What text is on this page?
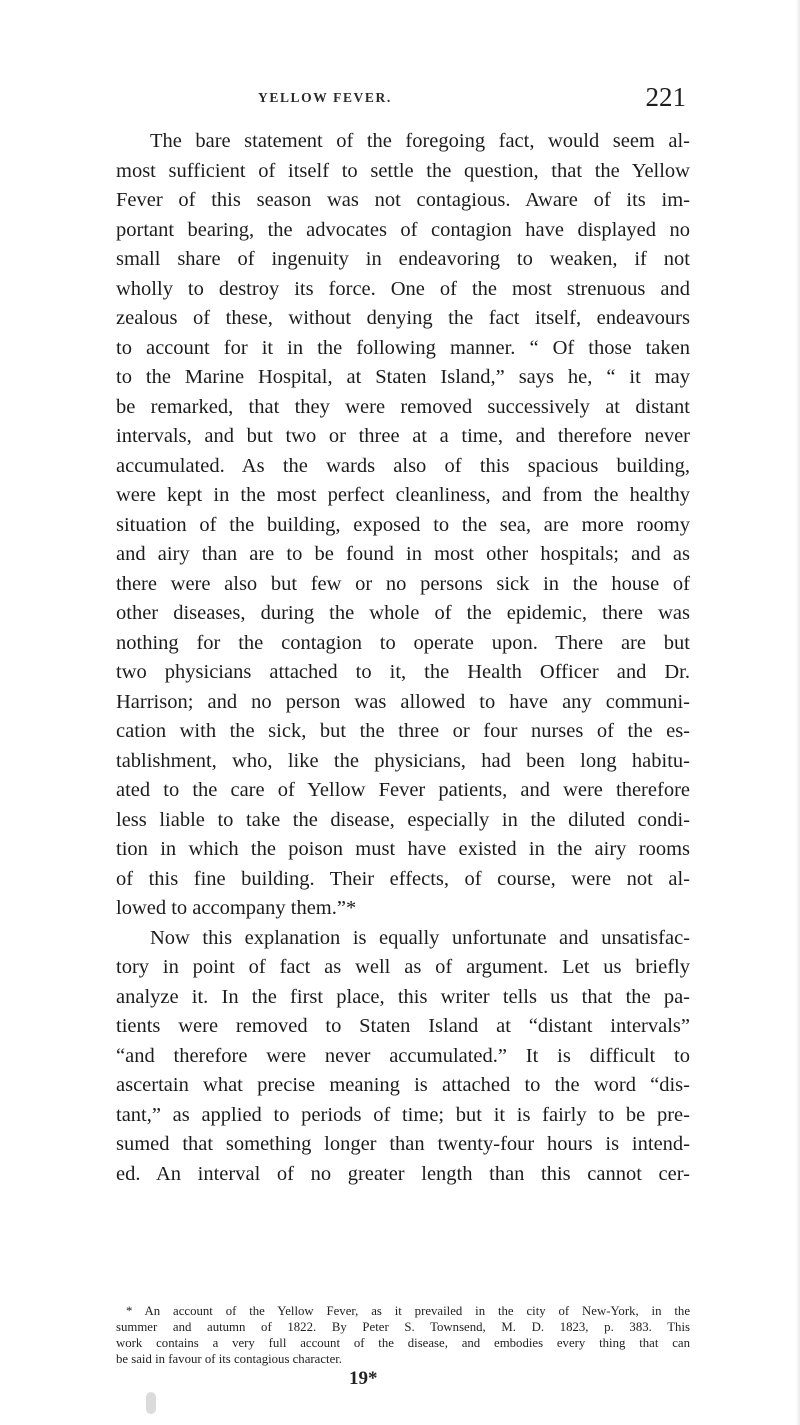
YELLOW FEVER.	221
The bare statement of the foregoing fact, would seem al-
most sufficient of itself to settle the question, that the Yellow
Fever of this season was not contagious. Aware of its im-
portant bearing, the advocates of contagion have displayed no
small share of ingenuity in endeavoring to weaken, if not
wholly to destroy its force. One of the most strenuous and
zealous of these, without denying the fact itself, endeavours
to account for it in the following manner. “ Of those taken
to the Marine Hospital, at Staten Island,” says he, “ it may
be remarked, that they were removed successively at distant
intervals, and but two or three at a time, and therefore never
accumulated. As the wards also of this spacious building,
were kept in the most perfect cleanliness, and from the healthy
situation of the building, exposed to the sea, are more roomy
and airy than are to be found in most other hospitals; and as
there were also but few or no persons sick in the house of
other diseases, during the whole of the epidemic, there was
nothing for the contagion to operate upon. There are but
two physicians attached to it, the Health Officer and Dr.
Harrison; and no person was allowed to have any communi-
cation with the sick, but the three or four nurses of the es-
tablishment, who, like the physicians, had been long habitu-
ated to the care of Yellow Fever patients, and were therefore
less liable to take the disease, especially in the diluted condi-
tion in which the poison must have existed in the airy rooms
of this fine building. Their effects, of course, were not al-
lowed to accompany them.”*
Now this explanation is equally unfortunate and unsatisfac-
tory in point of fact as well as of argument. Let us briefly
analyze it. In the first place, this writer tells us that the pa-
tients were removed to Staten Island at “distant intervals”
“and therefore were never accumulated.” It is difficult to
ascertain what precise meaning is attached to the word “dis-
tant,” as applied to periods of time; but it is fairly to be pre-
sumed that something longer than twenty-four hours is intend-
ed. An interval of no greater length than this cannot cer-
* An account of the Yellow Fever, as it prevailed in the city of New-York, in the
summer and autumn of 1822. By Peter S. Townsend, M. D. 1823, p. 383. This
work contains a very full account of the disease, and embodies every thing that can
be said in favour of its contagious character.
19*
